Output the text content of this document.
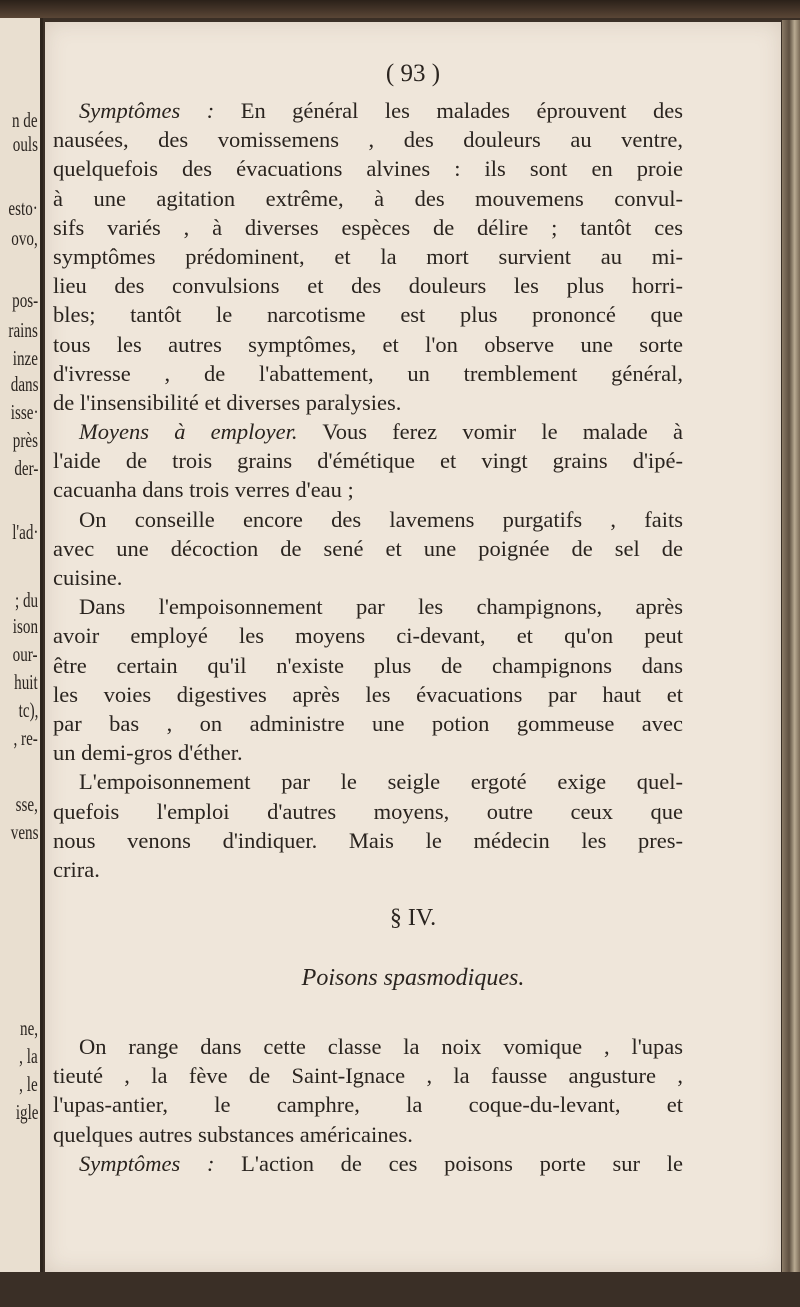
n de
ouls
esto·
ovo,
pos-
rains
inze
dans
isse·
près
der-
l'ad·
; du
ison
our-
huit
tc),
, re-
sse,
vens
ne,
, la
, le
igle
( 93 )
Symptômes : En général les malades éprouvent des
nausées, des vomissemens , des douleurs au ventre,
quelquefois des évacuations alvines : ils sont en proie
à une agitation extrême, à des mouvemens convul-
sifs variés , à diverses espèces de délire ; tantôt ces
symptômes prédominent, et la mort survient au mi-
lieu des convulsions et des douleurs les plus horri-
bles; tantôt le narcotisme est plus prononcé que
tous les autres symptômes, et l'on observe une sorte
d'ivresse , de l'abattement, un tremblement général,
de l'insensibilité et diverses paralysies.
Moyens à employer. Vous ferez vomir le malade à
l'aide de trois grains d'émétique et vingt grains d'ipé-
cacuanha dans trois verres d'eau ;
On conseille encore des lavemens purgatifs , faits
avec une décoction de sené et une poignée de sel de
cuisine.
Dans l'empoisonnement par les champignons, après
avoir employé les moyens ci-devant, et qu'on peut
être certain qu'il n'existe plus de champignons dans
les voies digestives après les évacuations par haut et
par bas , on administre une potion gommeuse avec
un demi-gros d'éther.
L'empoisonnement par le seigle ergoté exige quel-
quefois l'emploi d'autres moyens, outre ceux que
nous venons d'indiquer. Mais le médecin les pres-
crira.
§ IV.
Poisons spasmodiques.
On range dans cette classe la noix vomique , l'upas
tieuté , la fève de Saint-Ignace , la fausse angusture ,
l'upas-antier, le camphre, la coque-du-levant, et
quelques autres substances américaines.
Symptômes : L'action de ces poisons porte sur le
